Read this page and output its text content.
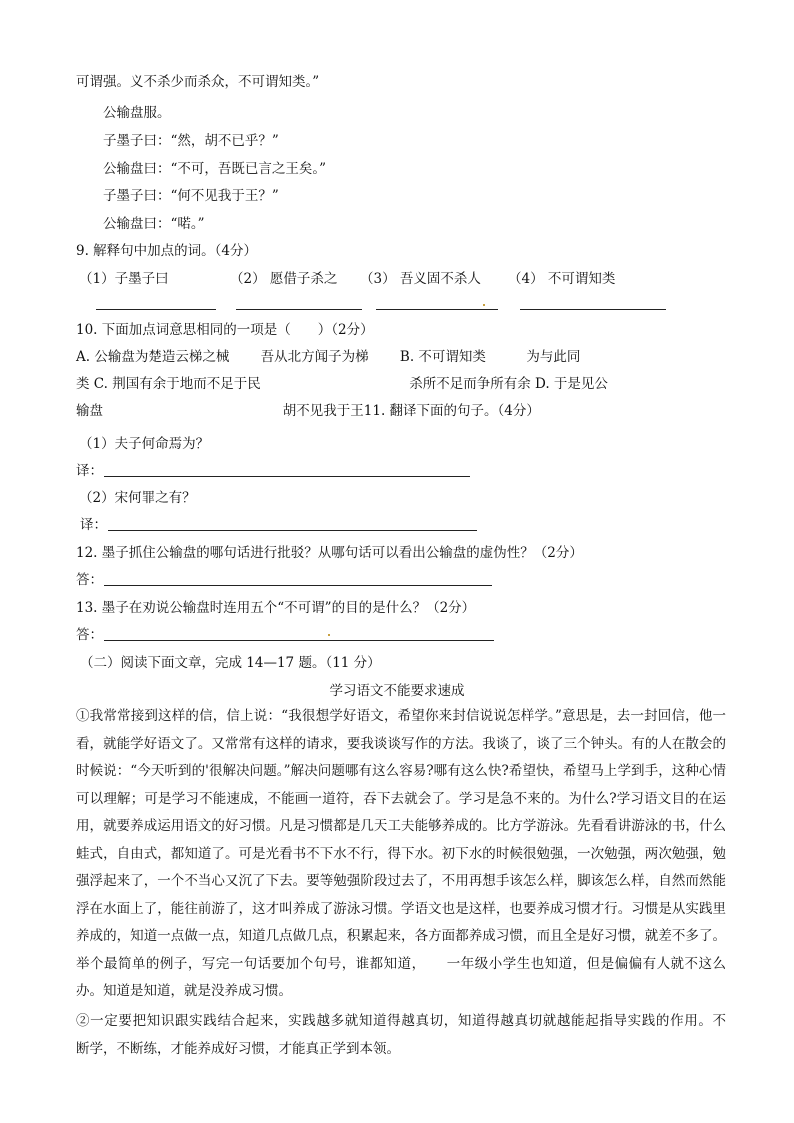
可谓强。义不杀少而杀众，不可谓知类。”
公输盘服。
子墨子曰：“然，胡不已乎？”
公输盘曰：“不可，吾既已言之王矣。”
子墨子曰：“何不见我于王？”
公输盘曰：“喏。”
9. 解释句中加点的词。（4分）
（1）子墨子曰	（2） 愿借子杀之 （3） 吾义固不杀人 （4） 不可谓知类
10. 下面加点词意思相同的一项是（　　）（2分）
A. 公输盘为楚造云梯之械　　 吾从北方闻子为梯　　 B. 不可谓知类　　　为与此同
类 C. 荆国有余于地而不足于民　　　　　　　　　　　杀所不足而争所有余 D. 于是见公
输盘　　　　　　　　　　　　　 胡不见我于王11. 翻译下面的句子。（4分）
（1）夫子何命焉为？
译：
（2）宋何罪之有？
译：
12. 墨子抓住公输盘的哪句话进行批驳？从哪句话可以看出公输盘的虚伪性？（2分）
答：
13. 墨子在劝说公输盘时连用五个“不可谓”的目的是什么？（2分）
答：
（二）阅读下面文章，完成 14—17 题。（11 分）
学习语文不能要求速成
①我常常接到这样的信，信上说：“我很想学好语文，希望你来封信说说怎样学。”意思是，去一封回信，他一看，就能学好语文了。又常常有这样的请求，要我谈谈写作的方法。我谈了，谈了三个钟头。有的人在散会的时候说：“今天听到的'很解决问题。”解决问题哪有这么容易?哪有这么快?希望快，希望马上学到手，这种心情可以理解；可是学习不能速成，不能画一道符，吞下去就会了。学习是急不来的。为什么?学习语文目的在运用，就要养成运用语文的好习惯。凡是习惯都是几天工夫能够养成的。比方学游泳。先看看讲游泳的书，什么蛙式，自由式，都知道了。可是光看书不下水不行，得下水。初下水的时候很勉强，一次勉强，两次勉强，勉强浮起来了，一个不当心又沉了下去。要等勉强阶段过去了，不用再想手该怎么样，脚该怎么样，自然而然能浮在水面上了，能往前游了，这才叫养成了游泳习惯。学语文也是这样，也要养成习惯才行。习惯是从实践里养成的，知道一点做一点，知道几点做几点，积累起来，各方面都养成习惯，而且全是好习惯，就差不多了。举个最简单的例子，写完一句话要加个句号，谁都知道，　　一年级小学生也知道，但是偏偏有人就不这么办。知道是知道，就是没养成习惯。
②一定要把知识跟实践结合起来，实践越多就知道得越真切，知道得越真切就越能起指导实践的作用。不　　　断学，不断练，才能养成好习惯，才能真正学到本领。
